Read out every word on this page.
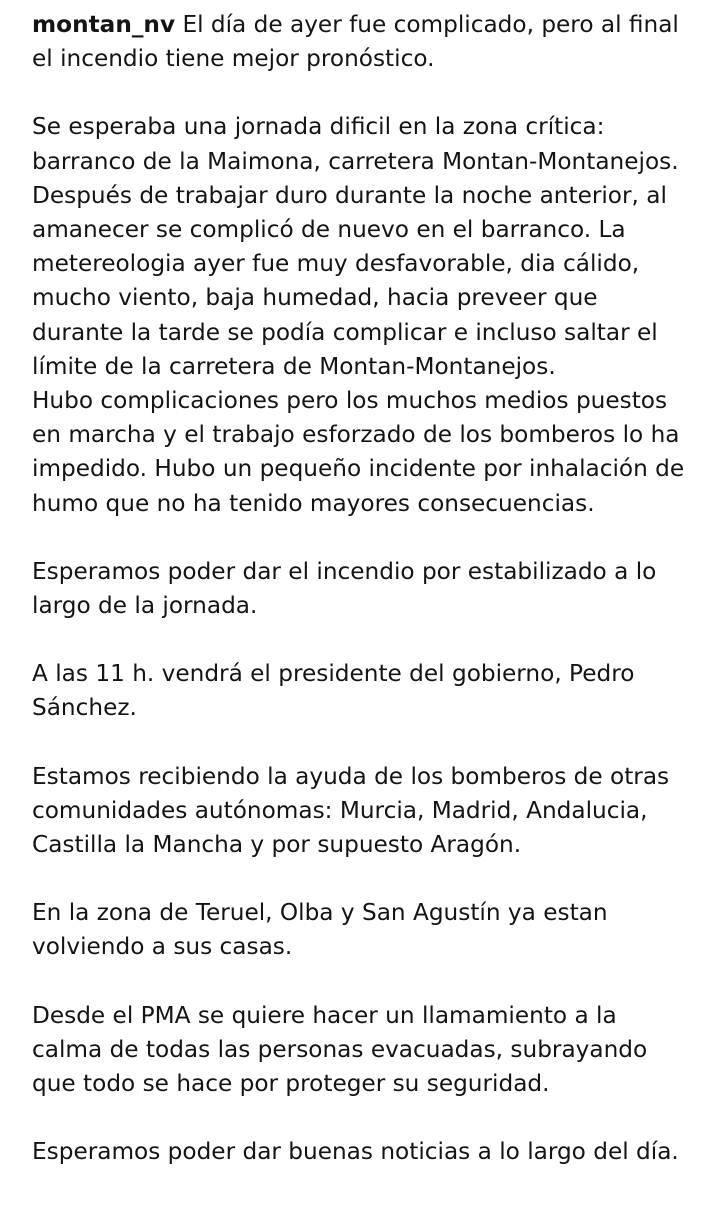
montan_nv El día de ayer fue complicado, pero al final el incendio tiene mejor pronóstico.

Se esperaba una jornada dificil en la zona crítica: barranco de la Maimona, carretera Montan-Montanejos. Después de trabajar duro durante la noche anterior, al amanecer se complicó de nuevo en el barranco. La metereologia ayer fue muy desfavorable, dia cálido, mucho viento, baja humedad, hacia preveer que durante la tarde se podía complicar e incluso saltar el límite de la carretera de Montan-Montanejos.

Hubo complicaciones pero los muchos medios puestos en marcha y el trabajo esforzado de los bomberos lo ha impedido. Hubo un pequeño incidente por inhalación de humo que no ha tenido mayores consecuencias.

Esperamos poder dar el incendio por estabilizado a lo largo de la jornada.

A las 11 h. vendrá el presidente del gobierno, Pedro Sánchez.

Estamos recibiendo la ayuda de los bomberos de otras comunidades autónomas: Murcia, Madrid, Andalucia, Castilla la Mancha y por supuesto Aragón.

En la zona de Teruel, Olba y San Agustín ya estan volviendo a sus casas.

Desde el PMA se quiere hacer un llamamiento a la calma de todas las personas evacuadas, subrayando que todo se hace por proteger su seguridad.

Esperamos poder dar buenas noticias a lo largo del día.
